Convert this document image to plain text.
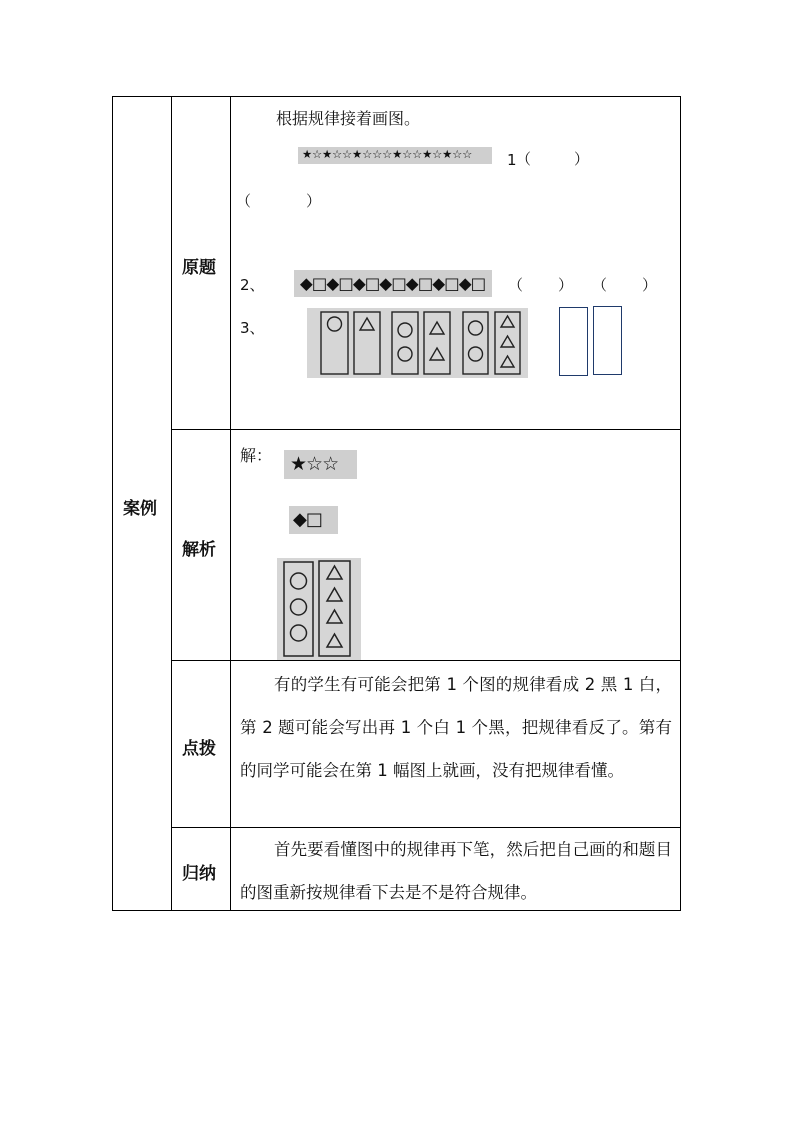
案例
原题
解析
点拨
归纳
根据规律接着画图。
★☆★☆☆★☆☆☆★☆☆★☆★☆☆ 1 （	）
（	）
2、 ◆□◆□◆□◆□◆□◆□◆□ （ ） （ ）
3、
解： ★☆☆
◆□
有的学生有可能会把第 1 个图的规律看成 2 黑 1 白，第 2 题可能会写出再 1 个白 1 个黑，把规律看反了。第有的同学可能会在第 1 幅图上就画，没有把规律看懂。
首先要看懂图中的规律再下笔，然后把自己画的和题目的图重新按规律看下去是不是符合规律。
